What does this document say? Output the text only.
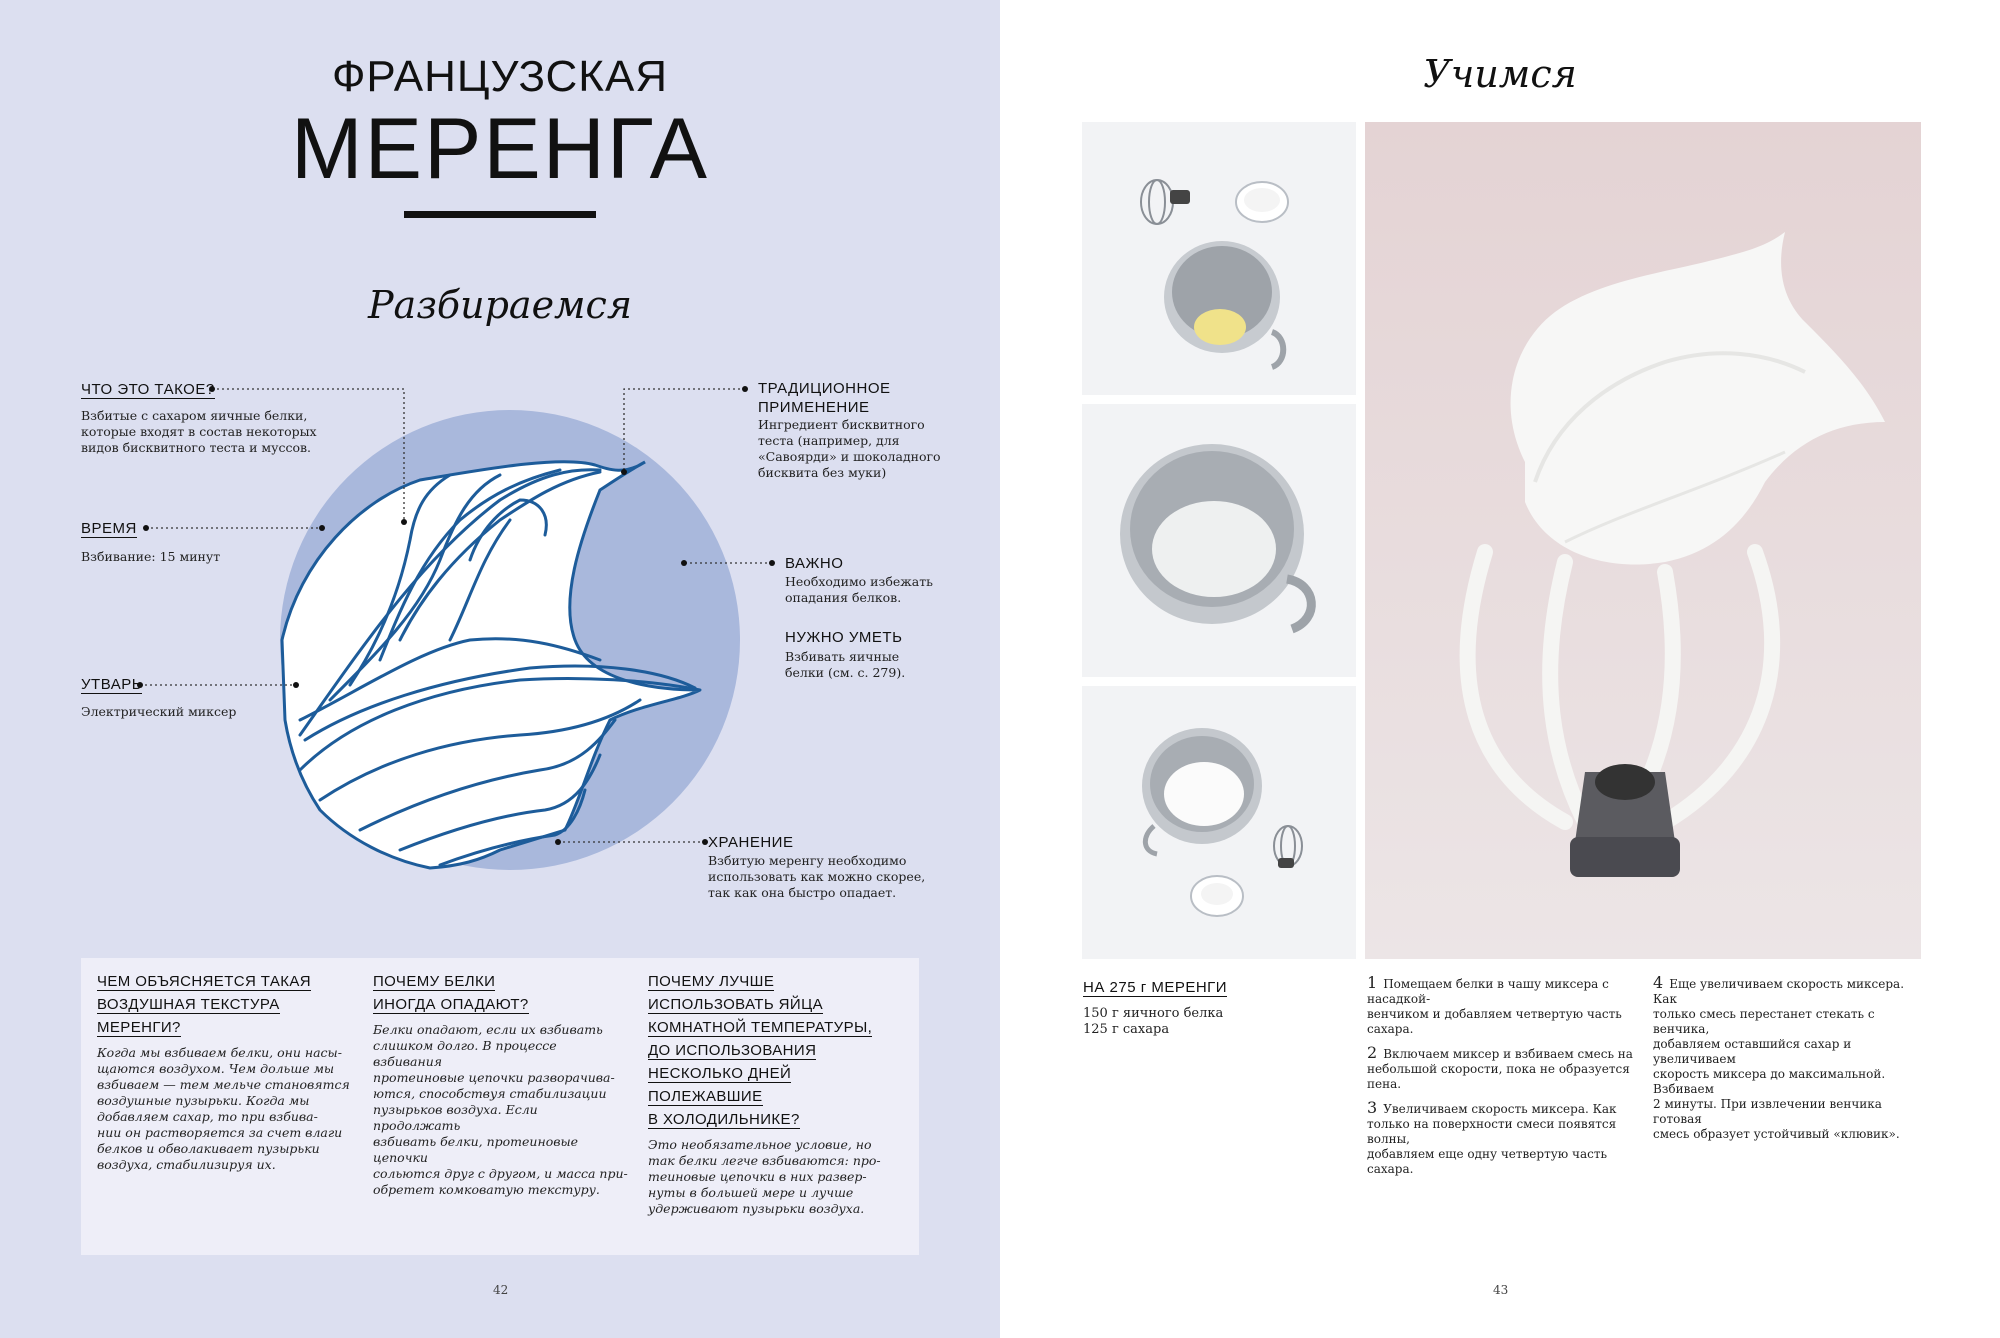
ФРАНЦУЗСКАЯ
МЕРЕНГА
Разбираемся
ЧТО ЭТО ТАКОЕ?
Взбитые с сахаром яичные белки,
которые входят в состав некоторых
видов бисквитного теста и муссов.
ВРЕМЯ
Взбивание: 15 минут
УТВАРЬ
Электрический миксер
ТРАДИЦИОННОЕ
ПРИМЕНЕНИЕ
Ингредиент бисквитного
теста (например, для
«Савоярди» и шоколадного
бисквита без муки)
ВАЖНО
Необходимо избежать
опадания белков.
НУЖНО УМЕТЬ
Взбивать яичные
белки (см. с. 279).
ХРАНЕНИЕ
Взбитую меренгу необходимо
использовать как можно скорее,
так как она быстро опадает.
ЧЕМ ОБЪЯСНЯЕТСЯ ТАКАЯ
ВОЗДУШНАЯ ТЕКСТУРА МЕРЕНГИ?
Когда мы взбиваем белки, они насы-
щаются воздухом. Чем дольше мы
взбиваем — тем мельче становятся
воздушные пузырьки. Когда мы
добавляем сахар, то при взбива-
нии он растворяется за счет влаги
белков и обволакивает пузырьки
воздуха, стабилизируя их.
ПОЧЕМУ БЕЛКИ
ИНОГДА ОПАДАЮТ?
Белки опадают, если их взбивать
слишком долго. В процессе взбивания
протеиновые цепочки разворачива-
ются, способствуя стабилизации
пузырьков воздуха. Если продолжать
взбивать белки, протеиновые цепочки
сольются друг с другом, и масса при-
обретет комковатую текстуру.
ПОЧЕМУ ЛУЧШЕ
ИСПОЛЬЗОВАТЬ ЯЙЦА
КОМНАТНОЙ ТЕМПЕРАТУРЫ,
ДО ИСПОЛЬЗОВАНИЯ
НЕСКОЛЬКО ДНЕЙ ПОЛЕЖАВШИЕ
В ХОЛОДИЛЬНИКЕ?
Это необязательное условие, но
так белки легче взбиваются: про-
теиновые цепочки в них развер-
нуты в большей мере и лучше
удерживают пузырьки воздуха.
42
Учимся
НА 275 г МЕРЕНГИ
150 г яичного белка
125 г сахара
1 Помещаем белки в чашу миксера с насадкой-
венчиком и добавляем четвертую часть сахара.
2 Включаем миксер и взбиваем смесь на
небольшой скорости, пока не образуется пена.
3 Увеличиваем скорость миксера. Как
только на поверхности смеси появятся волны,
добавляем еще одну четвертую часть сахара.
4 Еще увеличиваем скорость миксера. Как
только смесь перестанет стекать с венчика,
добавляем оставшийся сахар и увеличиваем
скорость миксера до максимальной. Взбиваем
2 минуты. При извлечении венчика готовая
смесь образует устойчивый «клювик».
43
